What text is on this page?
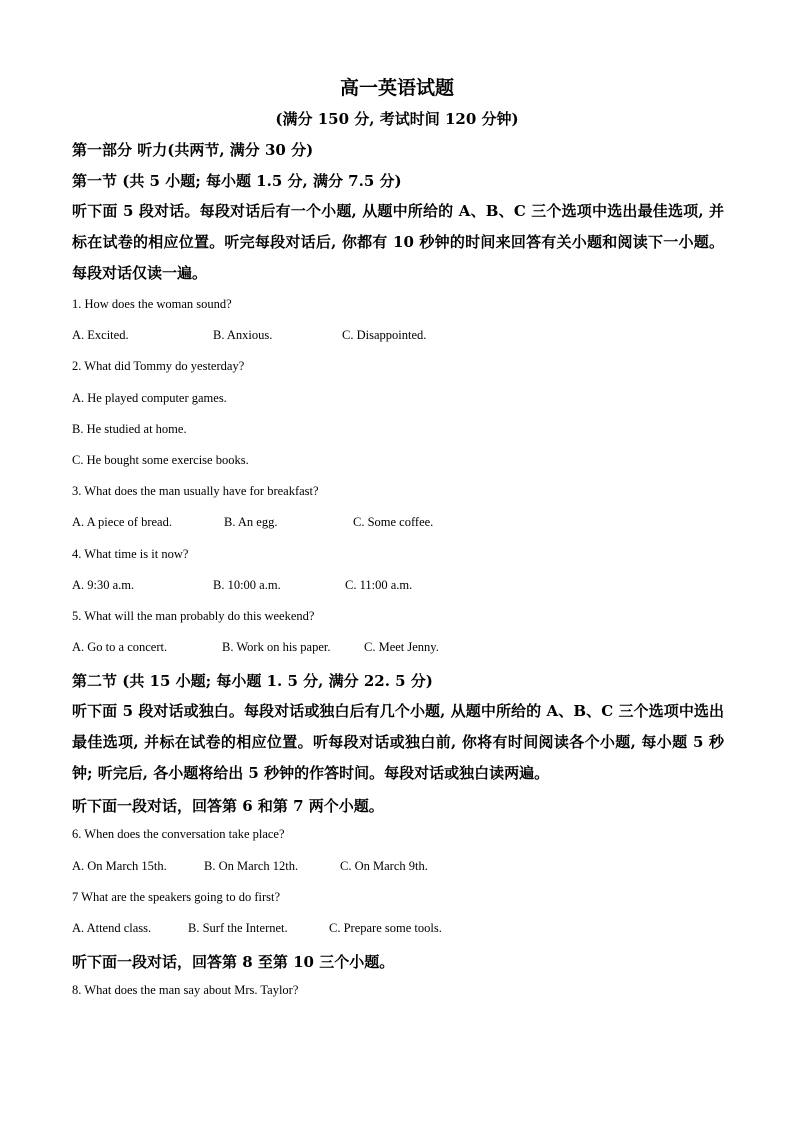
高一英语试题
(满分 150 分, 考试时间 120 分钟)
第一部分 听力(共两节, 满分 30 分)
第一节 (共 5 小题; 每小题 1.5 分, 满分 7.5 分)
听下面 5 段对话。每段对话后有一个小题, 从题中所给的 A、B、C 三个选项中选出最佳选项, 并标在试卷的相应位置。听完每段对话后, 你都有 10 秒钟的时间来回答有关小题和阅读下一小题。每段对话仅读一遍。
1. How does the woman sound?
A. Excited.	B. Anxious.	C. Disappointed.
2. What did Tommy do yesterday?
A. He played computer games.
B. He studied at home.
C. He bought some exercise books.
3. What does the man usually have for breakfast?
A. A piece of bread.	B. An egg.	C. Some coffee.
4. What time is it now?
A. 9:30 a.m.	B. 10:00 a.m.	C. 11:00 a.m.
5. What will the man probably do this weekend?
A. Go to a concert.	B. Work on his paper.	C. Meet Jenny.
第二节 (共 15 小题; 每小题 1. 5 分, 满分 22. 5 分)
听下面 5 段对话或独白。每段对话或独白后有几个小题, 从题中所给的 A、B、C 三个选项中选出最佳选项, 并标在试卷的相应位置。听每段对话或独白前, 你将有时间阅读各个小题, 每小题 5 秒钟; 听完后, 各小题将给出 5 秒钟的作答时间。每段对话或独白读两遍。
听下面一段对话，回答第 6 和第 7 两个小题。
6. When does the conversation take place?
A. On March 15th.	B. On March 12th.	C. On March 9th.
7 What are the speakers going to do first?
A. Attend class.	B. Surf the Internet.	C. Prepare some tools.
听下面一段对话，回答第 8 至第 10 三个小题。
8. What does the man say about Mrs. Taylor?
